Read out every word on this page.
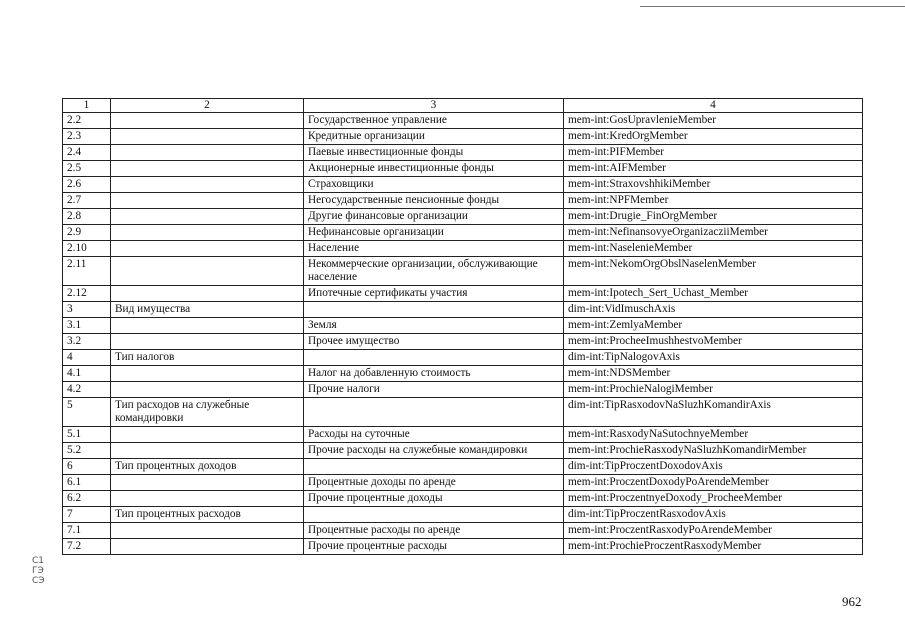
1	2	3	4
2.2		Государственное управление	mem-int:GosUpravlenieMember
2.3		Кредитные организации	mem-int:KredOrgMember
2.4		Паевые инвестиционные фонды	mem-int:PIFMember
2.5		Акционерные инвестиционные фонды	mem-int:AIFMember
2.6		Страховщики	mem-int:StraxovshhikiMember
2.7		Негосударственные пенсионные фонды	mem-int:NPFMember
2.8		Другие финансовые организации	mem-int:Drugie_FinOrgMember
2.9		Нефинансовые организации	mem-int:NefinansovyeOrganizacziiMember
2.10		Население	mem-int:NaselenieMember
2.11		Некоммерческие организации, обслуживающие население	mem-int:NekomOrgObslNaselenMember
2.12		Ипотечные сертификаты участия	mem-int:Ipotech_Sert_Uchast_Member
3	Вид имущества		dim-int:VidImuschAxis
3.1		Земля	mem-int:ZemlyaMember
3.2		Прочее имущество	mem-int:ProcheeImushhestvoMember
4	Тип налогов		dim-int:TipNalogovAxis
4.1		Налог на добавленную стоимость	mem-int:NDSMember
4.2		Прочие налоги	mem-int:ProchieNalogiMember
5	Тип расходов на служебные командировки		dim-int:TipRasxodovNaSluzhKomandirAxis
5.1		Расходы на суточные	mem-int:RasxodyNaSutochnyeMember
5.2		Прочие расходы на служебные командировки	mem-int:ProchieRasxodyNaSluzhKomandirMember
6	Тип процентных доходов		dim-int:TipProczentDoxodovAxis
6.1		Процентные доходы по аренде	mem-int:ProczentDoxodyPoArendeMember
6.2		Прочие процентные доходы	mem-int:ProczentnyeDoxody_ProcheeMember
7	Тип процентных расходов		dim-int:TipProczentRasxodovAxis
7.1		Процентные расходы по аренде	mem-int:ProczentRasxodyPoArendeMember
7.2		Прочие процентные расходы	mem-int:ProchieProczentRasxodyMember
С1
ГЭ
СЭ
962
